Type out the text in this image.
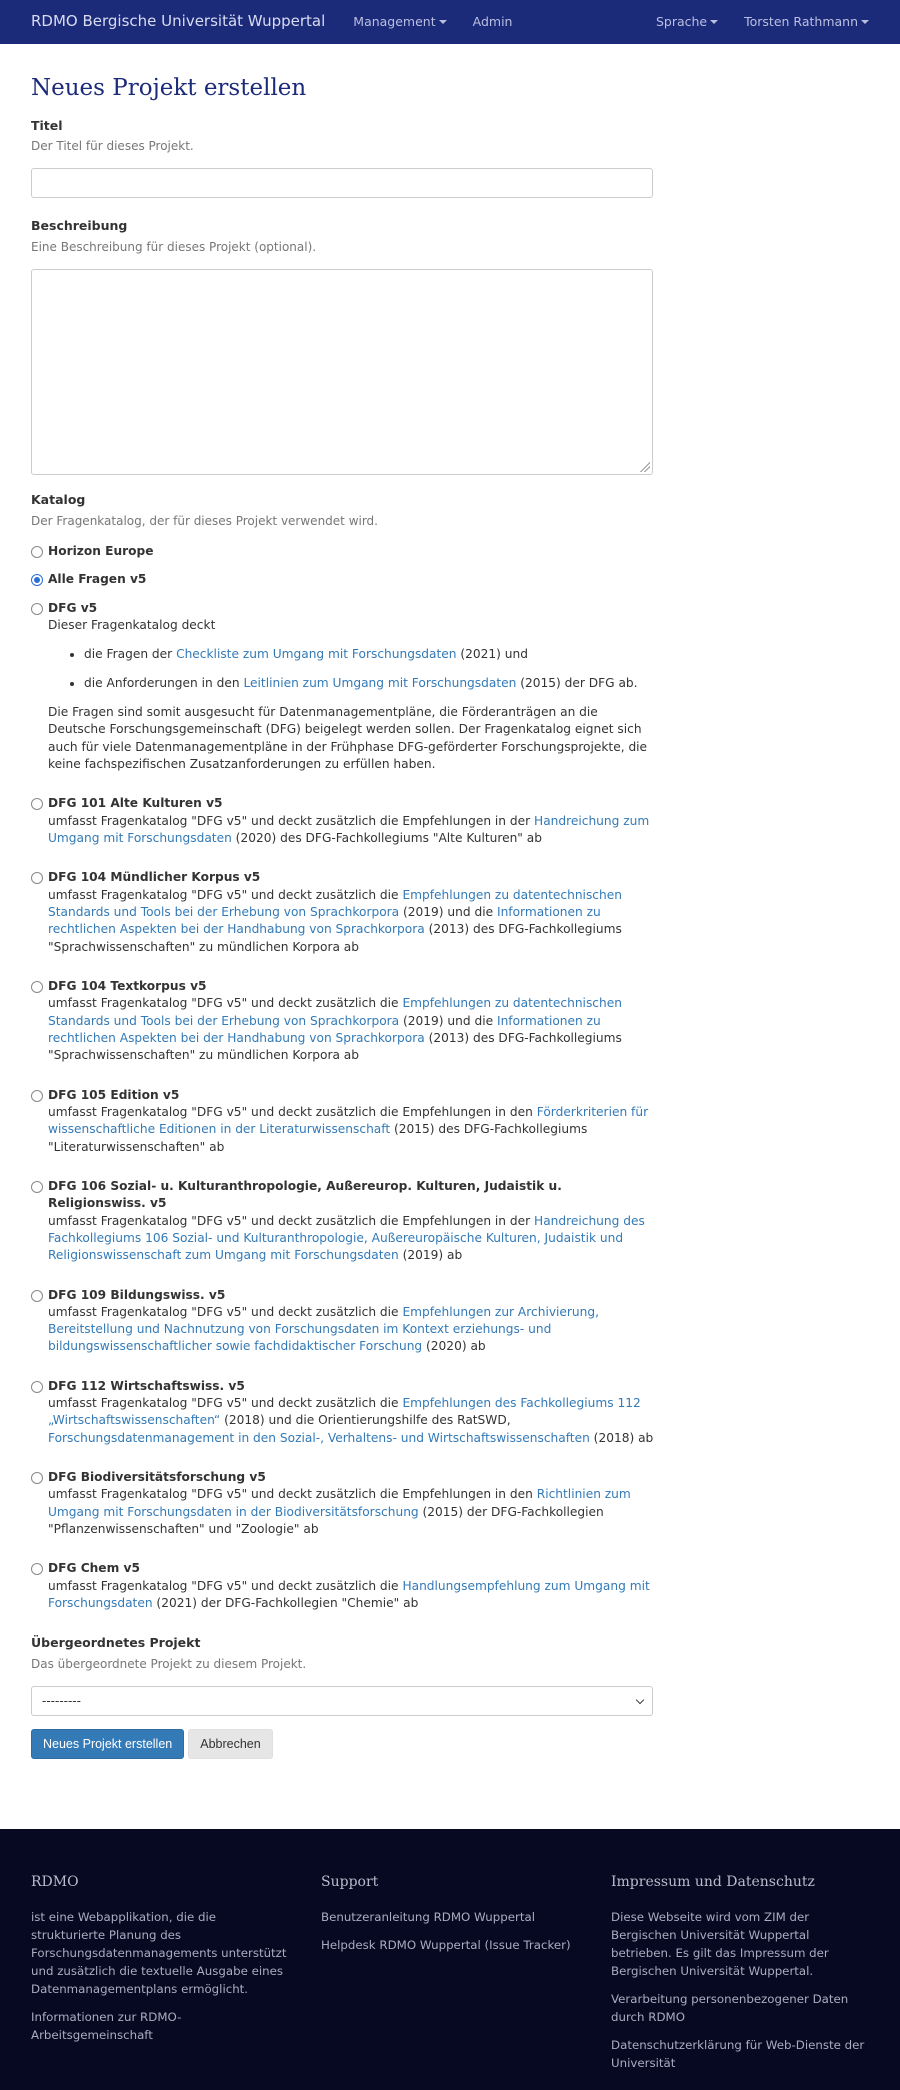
RDMO Bergische Universität Wuppertal Management	Admin	Sprache	Torsten Rathmann
Neues Projekt erstellen
Titel
Der Titel für dieses Projekt.
Beschreibung
Eine Beschreibung für dieses Projekt (optional).
Katalog
Der Fragenkatalog, der für dieses Projekt verwendet wird.
Horizon Europe
Alle Fragen v5
DFG v5
Dieser Fragenkatalog deckt
• die Fragen der Checkliste zum Umgang mit Forschungsdaten (2021) und
• die Anforderungen in den Leitlinien zum Umgang mit Forschungsdaten (2015) der DFG ab.
Die Fragen sind somit ausgesucht für Datenmanagementpläne, die Förderanträgen an die Deutsche Forschungsgemeinschaft (DFG) beigelegt werden sollen. Der Fragenkatalog eignet sich auch für viele Datenmanagementpläne in der Frühphase DFG-geförderter Forschungsprojekte, die keine fachspezifischen Zusatzanforderungen zu erfüllen haben.
DFG 101 Alte Kulturen v5
umfasst Fragenkatalog "DFG v5" und deckt zusätzlich die Empfehlungen in der Handreichung zum Umgang mit Forschungsdaten (2020) des DFG-Fachkollegiums "Alte Kulturen" ab
DFG 104 Mündlicher Korpus v5
umfasst Fragenkatalog "DFG v5" und deckt zusätzlich die Empfehlungen zu datentechnischen Standards und Tools bei der Erhebung von Sprachkorpora (2019) und die Informationen zu rechtlichen Aspekten bei der Handhabung von Sprachkorpora (2013) des DFG-Fachkollegiums "Sprachwissenschaften" zu mündlichen Korpora ab
DFG 104 Textkorpus v5
umfasst Fragenkatalog "DFG v5" und deckt zusätzlich die Empfehlungen zu datentechnischen Standards und Tools bei der Erhebung von Sprachkorpora (2019) und die Informationen zu rechtlichen Aspekten bei der Handhabung von Sprachkorpora (2013) des DFG-Fachkollegiums "Sprachwissenschaften" zu mündlichen Korpora ab
DFG 105 Edition v5
umfasst Fragenkatalog "DFG v5" und deckt zusätzlich die Empfehlungen in den Förderkriterien für wissenschaftliche Editionen in der Literaturwissenschaft (2015) des DFG-Fachkollegiums "Literaturwissenschaften" ab
DFG 106 Sozial- u. Kulturanthropologie, Außereurop. Kulturen, Judaistik u. Religionswiss. v5
umfasst Fragenkatalog "DFG v5" und deckt zusätzlich die Empfehlungen in der Handreichung des Fachkollegiums 106 Sozial- und Kulturanthropologie, Außereuropäische Kulturen, Judaistik und Religionswissenschaft zum Umgang mit Forschungsdaten (2019) ab
DFG 109 Bildungswiss. v5
umfasst Fragenkatalog "DFG v5" und deckt zusätzlich die Empfehlungen zur Archivierung, Bereitstellung und Nachnutzung von Forschungsdaten im Kontext erziehungs- und bildungswissenschaftlicher sowie fachdidaktischer Forschung (2020) ab
DFG 112 Wirtschaftswiss. v5
umfasst Fragenkatalog "DFG v5" und deckt zusätzlich die Empfehlungen des Fachkollegiums 112 „Wirtschaftswissenschaften“ (2018) und die Orientierungshilfe des RatSWD, Forschungsdatenmanagement in den Sozial-, Verhaltens- und Wirtschaftswissenschaften (2018) ab
DFG Biodiversitätsforschung v5
umfasst Fragenkatalog "DFG v5" und deckt zusätzlich die Empfehlungen in den Richtlinien zum Umgang mit Forschungsdaten in der Biodiversitätsforschung (2015) der DFG-Fachkollegien "Pflanzenwissenschaften" und "Zoologie" ab
DFG Chem v5
umfasst Fragenkatalog "DFG v5" und deckt zusätzlich die Handlungsempfehlung zum Umgang mit Forschungsdaten (2021) der DFG-Fachkollegien "Chemie" ab
Übergeordnetes Projekt
Das übergeordnete Projekt zu diesem Projekt.
---------
Neues Projekt erstellen	Abbrechen
RDMO

ist eine Webapplikation, die die strukturierte Planung des Forschungsdatenmanagements unterstützt und zusätzlich die textuelle Ausgabe eines Datenmanagementplans ermöglicht.

Informationen zur RDMO-Arbeitsgemeinschaft
Support
Benutzeranleitung RDMO Wuppertal
Helpdesk RDMO Wuppertal (Issue Tracker)
Impressum und Datenschutz

Diese Webseite wird vom ZIM der Bergischen Universität Wuppertal betrieben. Es gilt das Impressum der Bergischen Universität Wuppertal.

Verarbeitung personenbezogener Daten durch RDMO
Datenschutzerklärung für Web-Dienste der Universität
